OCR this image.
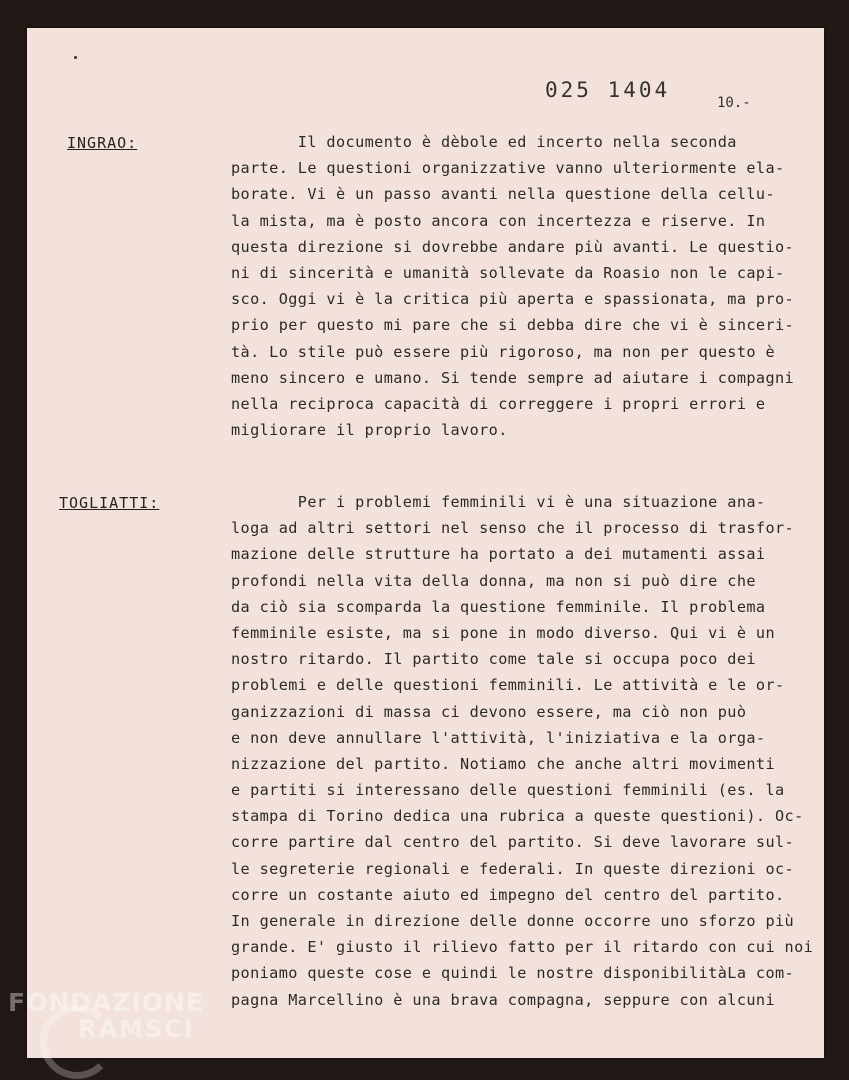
025 1404
10.-
INGRAO:	Il documento è dèbole ed incerto nella seconda
parte. Le questioni organizzative vanno ulteriormente ela-
borate. Vi è un passo avanti nella questione della cellu-
la mista, ma è posto ancora con incertezza e riserve. In
questa direzione si dovrebbe andare più avanti. Le questio-
ni di sincerità e umanità sollevate da Roasio non le capi-
sco. Oggi vi è la critica più aperta e spassionata, ma pro-
prio per questo mi pare che si debba dire che vi è sinceri-
tà. Lo stile può essere più rigoroso, ma non per questo è
meno sincero e umano. Si tende sempre ad aiutare i compagni
nella reciproca capacità di correggere i propri errori e
migliorare il proprio lavoro.
TOGLIATTI:	Per i problemi femminili vi è una situazione ana-
loga ad altri settori nel senso che il processo di trasfor-
mazione delle strutture ha portato a dei mutamenti assai
profondi nella vita della donna, ma non si può dire che
da ciò sia scomparda la questione femminile. Il problema
femminile esiste, ma si pone in modo diverso. Qui vi è un
nostro ritardo. Il partito come tale si occupa poco dei
problemi e delle questioni femminili. Le attività e le or-
ganizzazioni di massa ci devono essere, ma ciò non può
e non deve annullare l'attività, l'iniziativa e la orga-
nizzazione del partito. Notiamo che anche altri movimenti
e partiti si interessano delle questioni femminili (es. la
stampa di Torino dedica una rubrica a queste questioni). Oc-
corre partire dal centro del partito. Si deve lavorare sul-
le segreterie regionali e federali. In queste direzioni oc-
corre un costante aiuto ed impegno del centro del partito.
In generale in direzione delle donne occorre uno sforzo più
grande. E' giusto il rilievo fatto per il ritardo con cui noi
poniamo queste cose e quindi le nostre disponibilitàLa com-
pagna Marcellino è una brava compagna, seppure con alcuni
FONDAZIONE
RAMSCI
